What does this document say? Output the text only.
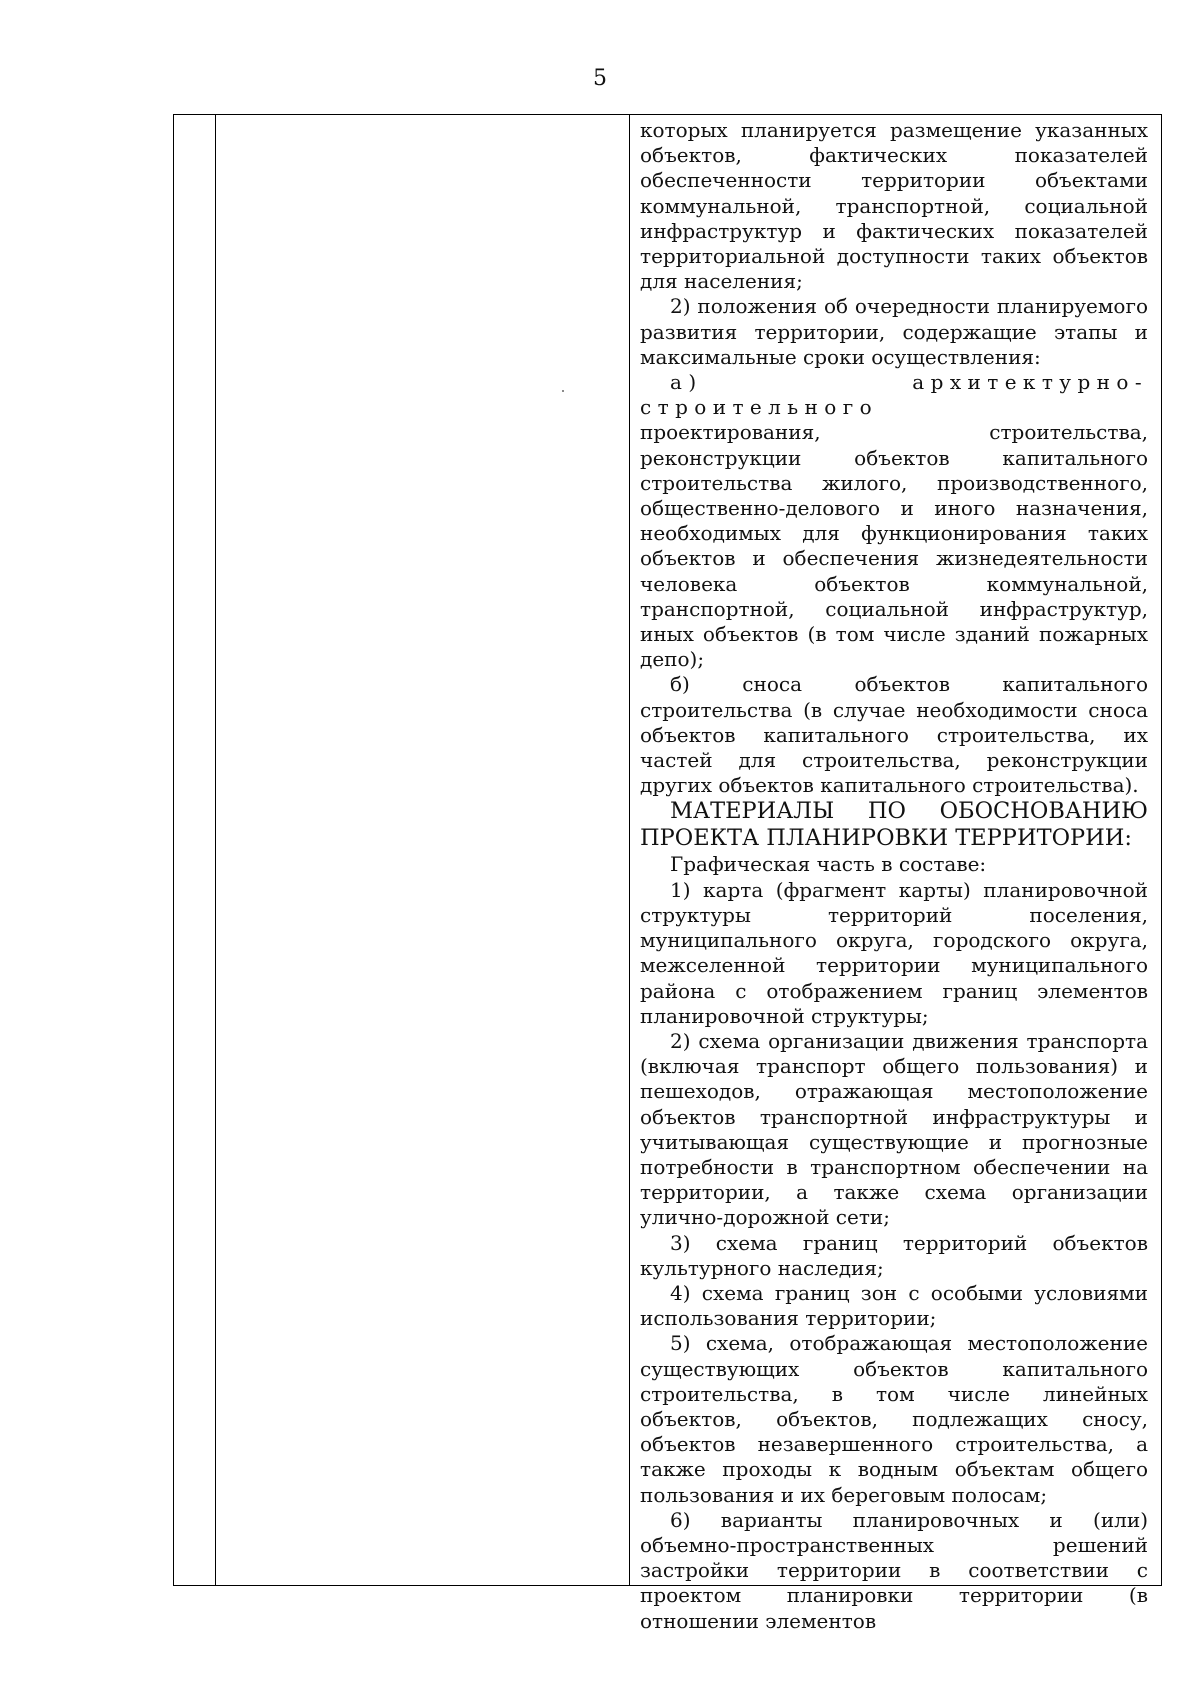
5

которых планируется размещение указанных объектов, фактических показателей обеспеченности территории объектами коммунальной, транспортной, социальной инфраструктур и фактических показателей территориальной доступности таких объектов для населения;

2) положения об очередности планируемого развития территории, содержащие этапы и максимальные сроки осуществления:

а) архитектурно-строительного

проектирования, строительства, реконструкции объектов капитального строительства жилого, производственного, общественно-делового и иного назначения, необходимых для функционирования таких объектов и обеспечения жизнедеятельности человека объектов коммунальной, транспортной, социальной инфраструктур, иных объектов (в том числе зданий пожарных депо);

б) сноса объектов капитального строительства (в случае необходимости сноса объектов капитального строительства, их частей для строительства, реконструкции других объектов капитального строительства).

МАТЕРИАЛЫ ПО ОБОСНОВАНИЮ ПРОЕКТА ПЛАНИРОВКИ ТЕРРИТОРИИ:

Графическая часть в составе:

1) карта (фрагмент карты) планировочной структуры территорий поселения, муниципального округа, городского округа, межселенной территории муниципального района с отображением границ элементов планировочной структуры;

2) схема организации движения транспорта (включая транспорт общего пользования) и пешеходов, отражающая местоположение объектов транспортной инфраструктуры и учитывающая существующие и прогнозные потребности в транспортном обеспечении на территории, а также схема организации улично-дорожной сети;

3) схема границ территорий объектов культурного наследия;

4) схема границ зон с особыми условиями использования территории;

5) схема, отображающая местоположение существующих объектов капитального строительства, в том числе линейных объектов, объектов, подлежащих сносу, объектов незавершенного строительства, а также проходы к водным объектам общего пользования и их береговым полосам;

6) варианты планировочных и (или) объемно-пространственных решений застройки территории в соответствии с проектом планировки территории (в отношении элементов
